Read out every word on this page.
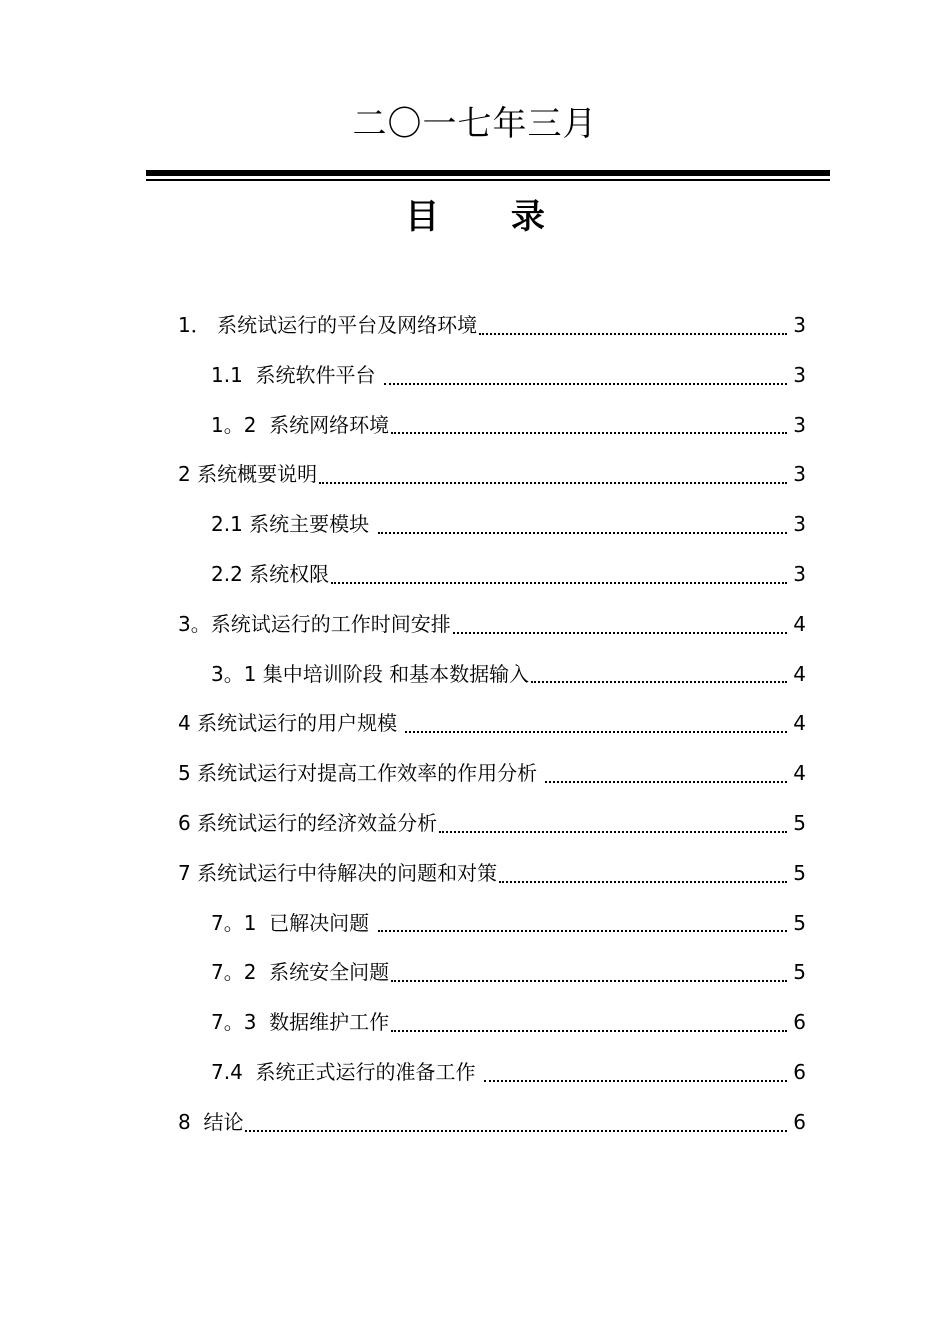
二〇一七年三月
目 录
1． 系统试运行的平台及网络环境	3
1.1  系统软件平台	3
1。2  系统网络环境	3
2 系统概要说明	3
2.1 系统主要模块	3
2.2 系统权限	3
3。系统试运行的工作时间安排	4
3。1 集中培训阶段 和基本数据输入	4
4 系统试运行的用户规模	4
5 系统试运行对提高工作效率的作用分析	4
6 系统试运行的经济效益分析	5
7 系统试运行中待解决的问题和对策	5
7。1  已解决问题	5
7。2  系统安全问题	5
7。3  数据维护工作	6
7.4  系统正式运行的准备工作	6
8  结论	6
